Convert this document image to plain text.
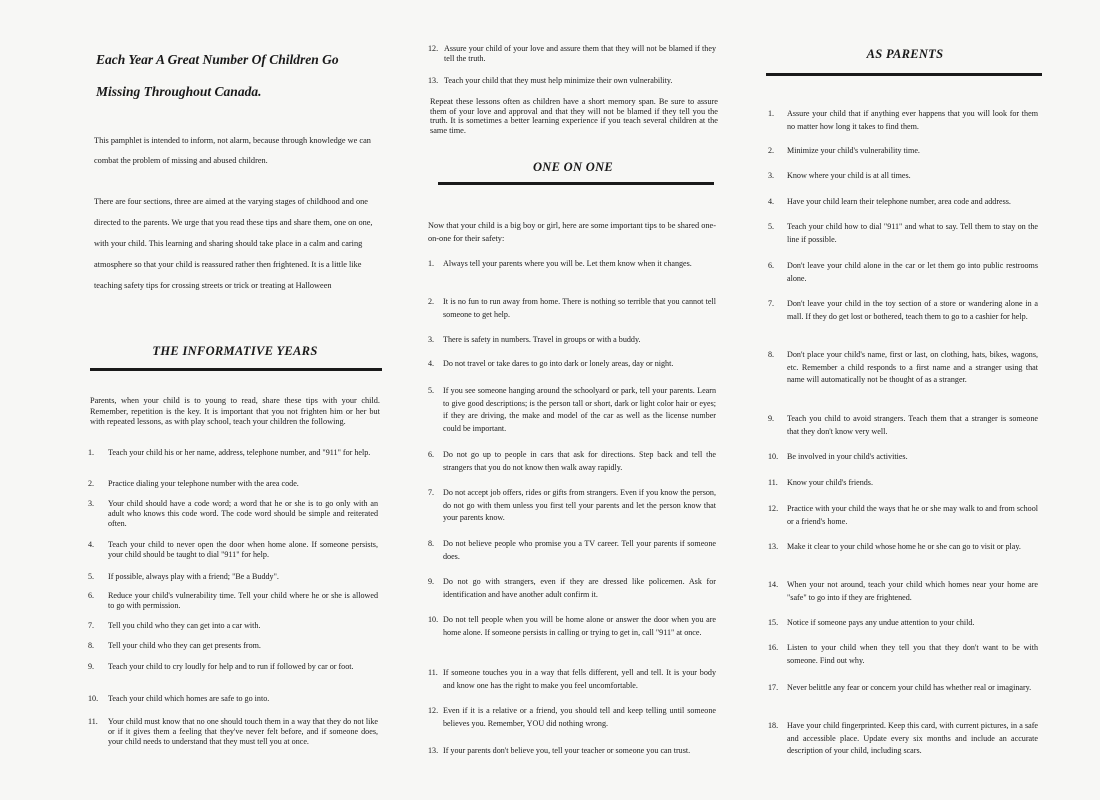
Each Year A Great Number Of Children Go Missing Throughout Canada.
This pamphlet is intended to inform, not alarm, because through knowledge we can combat the problem of missing and abused children.
There are four sections, three are aimed at the varying stages of childhood and one directed to the parents. We urge that you read these tips and share them, one on one, with your child. This learning and sharing should take place in a calm and caring atmosphere so that your child is reassured rather then frightened. It is a little like teaching safety tips for crossing streets or trick or treating at Halloween
THE INFORMATIVE YEARS
Parents, when your child is to young to read, share these tips with your child. Remember, repetition is the key. It is important that you not frighten him or her but with repeated lessons, as with play school, teach your children the following.
1. Teach your child his or her name, address, telephone number, and "911" for help.
2. Practice dialing your telephone number with the area code.
3. Your child should have a code word; a word that he or she is to go only with an adult who knows this code word. The code word should be simple and reiterated often.
4. Teach your child to never open the door when home alone. If someone persists, your child should be taught to dial "911" for help.
5. If possible, always play with a friend; "Be a Buddy".
6. Reduce your child's vulnerability time. Tell your child where he or she is allowed to go with permission.
7. Tell you child who they can get into a car with.
8. Tell your child who they can get presents from.
9. Teach your child to cry loudly for help and to run if followed by car or foot.
10. Teach your child which homes are safe to go into.
11. Your child must know that no one should touch them in a way that they do not like or if it gives them a feeling that they've never felt before, and if someone does, your child needs to understand that they must tell you at once.
12. Assure your child of your love and assure them that they will not be blamed if they tell the truth.
13. Teach your child that they must help minimize their own vulnerability.
Repeat these lessons often as children have a short memory span. Be sure to assure them of your love and approval and that they will not be blamed if they tell you the truth. It is sometimes a better learning experience if you teach several children at the same time.
ONE ON ONE
Now that your child is a big boy or girl, here are some important tips to be shared one-on-one for their safety:
1. Always tell your parents where you will be. Let them know when it changes.
2. It is no fun to run away from home. There is nothing so terrible that you cannot tell someone to get help.
3. There is safety in numbers. Travel in groups or with a buddy.
4. Do not travel or take dares to go into dark or lonely areas, day or night.
5. If you see someone hanging around the schoolyard or park, tell your parents. Learn to give good descriptions; is the person tall or short, dark or light color hair or eyes; if they are driving, the make and model of the car as well as the license number could be important.
6. Do not go up to people in cars that ask for directions. Step back and tell the strangers that you do not know then walk away rapidly.
7. Do not accept job offers, rides or gifts from strangers. Even if you know the person, do not go with them unless you first tell your parents and let the person know that your parents know.
8. Do not believe people who promise you a TV career. Tell your parents if someone does.
9. Do not go with strangers, even if they are dressed like policemen. Ask for identification and have another adult confirm it.
10. Do not tell people when you will be home alone or answer the door when you are home alone. If someone persists in calling or trying to get in, call "911" at once.
11. If someone touches you in a way that fells different, yell and tell. It is your body and know one has the right to make you feel uncomfortable.
12. Even if it is a relative or a friend, you should tell and keep telling until someone believes you. Remember, YOU did nothing wrong.
13. If your parents don't believe you, tell your teacher or someone you can trust.
AS PARENTS
1. Assure your child that if anything ever happens that you will look for them no matter how long it takes to find them.
2. Minimize your child's vulnerability time.
3. Know where your child is at all times.
4. Have your child learn their telephone number, area code and address.
5. Teach your child how to dial "911" and what to say. Tell them to stay on the line if possible.
6. Don't leave your child alone in the car or let them go into public restrooms alone.
7. Don't leave your child in the toy section of a store or wandering alone in a mall. If they do get lost or bothered, teach them to go to a cashier for help.
8. Don't place your child's name, first or last, on clothing, hats, bikes, wagons, etc. Remember a child responds to a first name and a stranger using that name will automatically not be thought of as a stranger.
9. Teach you child to avoid strangers. Teach them that a stranger is someone that they don't know very well.
10. Be involved in your child's activities.
11. Know your child's friends.
12. Practice with your child the ways that he or she may walk to and from school or a friend's home.
13. Make it clear to your child whose home he or she can go to visit or play.
14. When your not around, teach your child which homes near your home are "safe" to go into if they are frightened.
15. Notice if someone pays any undue attention to your child.
16. Listen to your child when they tell you that they don't want to be with someone. Find out why.
17. Never belittle any fear or concern your child has whether real or imaginary.
18. Have your child fingerprinted. Keep this card, with current pictures, in a safe and accessible place. Update every six months and include an accurate description of your child, including scars.
